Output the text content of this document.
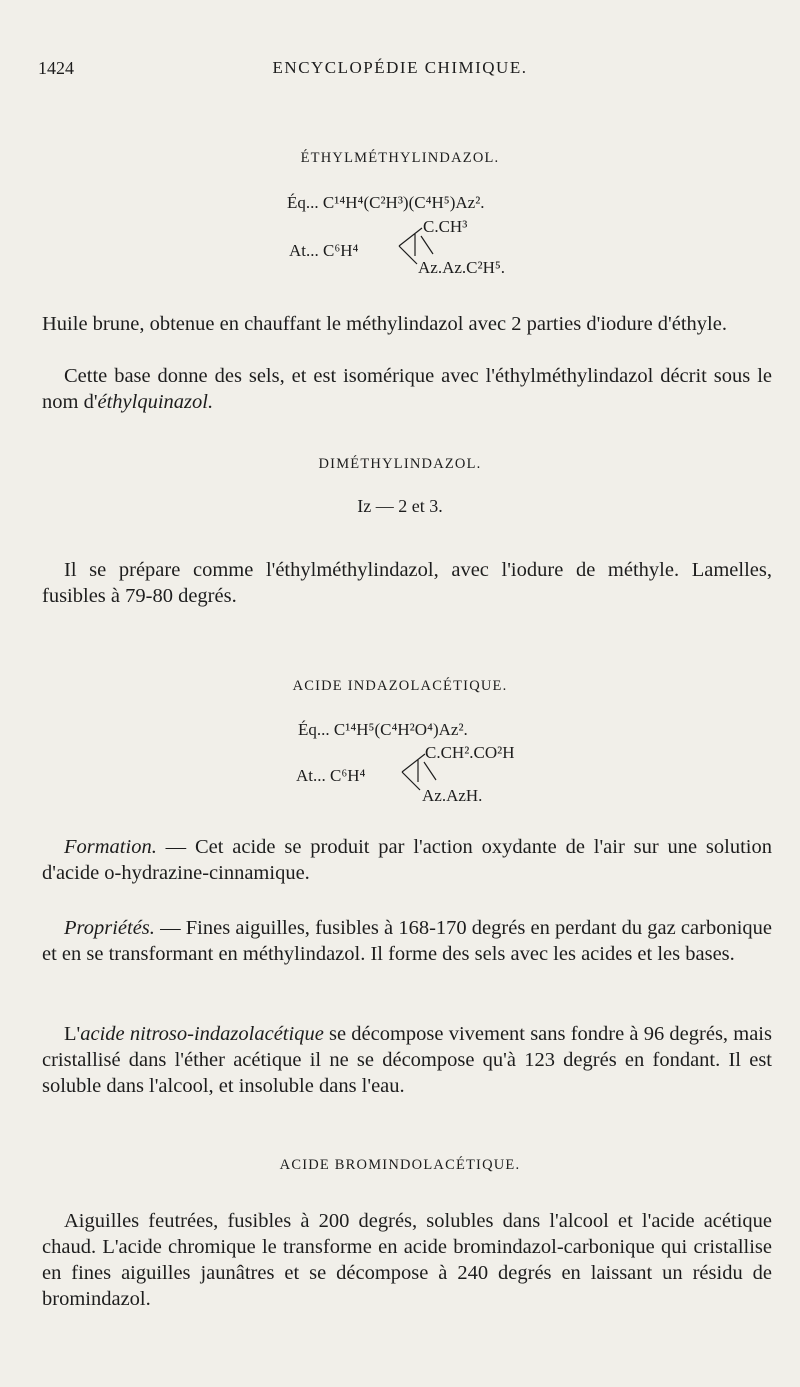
1424	ENCYCLOPÉDIE CHIMIQUE.
ÉTHYLMÉTHYLINDAZOL.
Éq... C¹⁴H⁴(C²H³)(C⁴H⁵)Az².
C.CH³
At... C⁶H⁴
Az.Az.C²H⁵.
Huile brune, obtenue en chauffant le méthylindazol avec 2 parties d'iodure d'éthyle.
Cette base donne des sels, et est isomérique avec l'éthylméthylindazol décrit sous le nom d'éthylquinazol.
DIMÉTHYLINDAZOL.
Iz — 2 et 3.
Il se prépare comme l'éthylméthylindazol, avec l'iodure de méthyle. Lamelles, fusibles à 79-80 degrés.
ACIDE INDAZOLACÉTIQUE.
Éq... C¹⁴H⁵(C⁴H²O⁴)Az².
C.CH².CO²H
At... C⁶H⁴
Az.AzH.
Formation. — Cet acide se produit par l'action oxydante de l'air sur une solution d'acide o-hydrazine-cinnamique.
Propriétés. — Fines aiguilles, fusibles à 168-170 degrés en perdant du gaz carbonique et en se transformant en méthylindazol. Il forme des sels avec les acides et les bases.
L'acide nitroso-indazolacétique se décompose vivement sans fondre à 96 degrés, mais cristallisé dans l'éther acétique il ne se décompose qu'à 123 degrés en fondant. Il est soluble dans l'alcool, et insoluble dans l'eau.
ACIDE BROMINDOLACÉTIQUE.
Aiguilles feutrées, fusibles à 200 degrés, solubles dans l'alcool et l'acide acétique chaud. L'acide chromique le transforme en acide bromindazol-carbonique qui cristallise en fines aiguilles jaunâtres et se décompose à 240 degrés en laissant un résidu de bromindazol.
